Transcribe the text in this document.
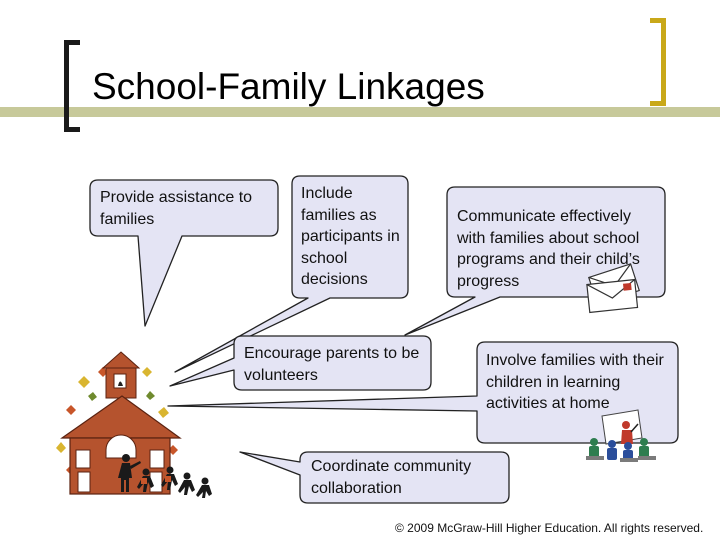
School-Family Linkages
Provide assistance to families
Include families as participants in school decisions
Communicate effectively with families about school programs and their child’s progress
Encourage parents to be volunteers
Involve families with their children in learning activities at home
Coordinate community collaboration
© 2009 McGraw-Hill Higher Education. All rights reserved.
